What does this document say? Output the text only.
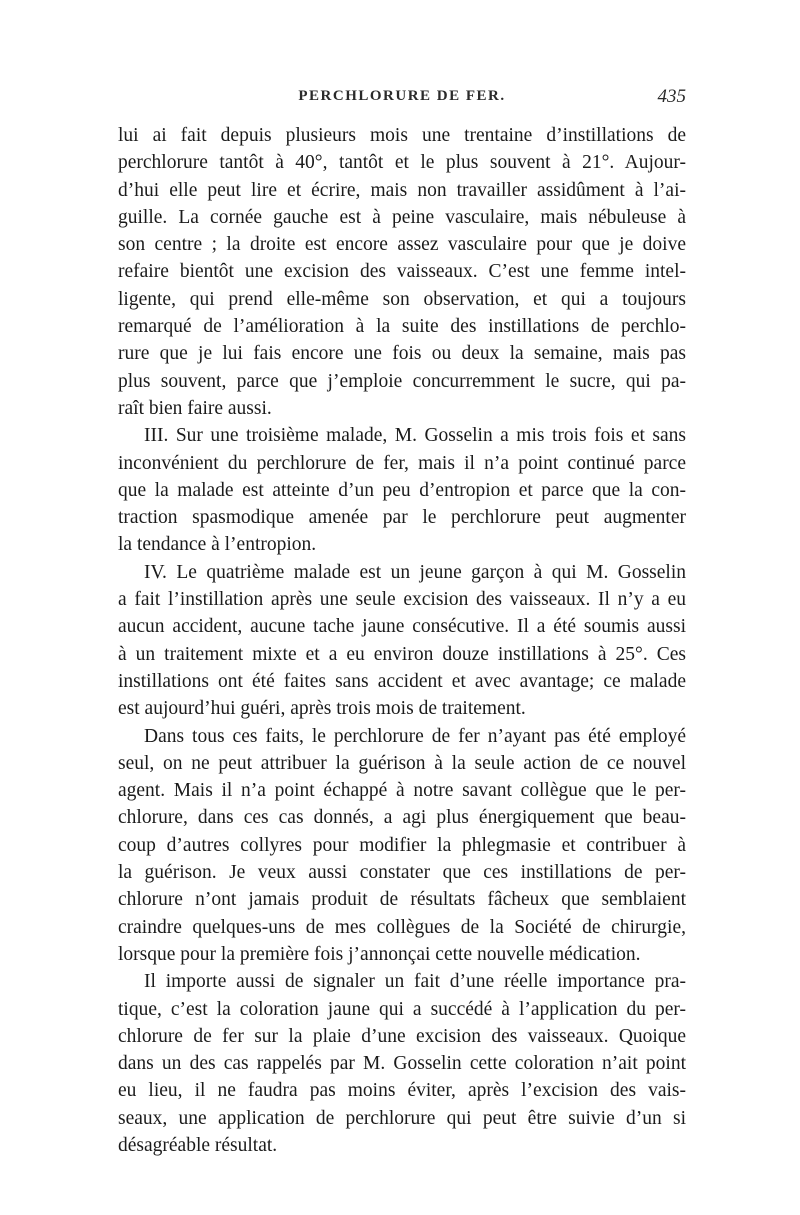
PERCHLORURE DE FER.	435
lui ai fait depuis plusieurs mois une trentaine d’instillations de
perchlorure tantôt à 40°, tantôt et le plus souvent à 21°. Aujour-
d’hui elle peut lire et écrire, mais non travailler assidûment à l’ai-
guille. La cornée gauche est à peine vasculaire, mais nébuleuse à
son centre ; la droite est encore assez vasculaire pour que je doive
refaire bientôt une excision des vaisseaux. C’est une femme intel-
ligente, qui prend elle-même son observation, et qui a toujours
remarqué de l’amélioration à la suite des instillations de perchlo-
rure que je lui fais encore une fois ou deux la semaine, mais pas
plus souvent, parce que j’emploie concurremment le sucre, qui pa-
raît bien faire aussi.
III. Sur une troisième malade, M. Gosselin a mis trois fois et sans
inconvénient du perchlorure de fer, mais il n’a point continué parce
que la malade est atteinte d’un peu d’entropion et parce que la con-
traction spasmodique amenée par le perchlorure peut augmenter
la tendance à l’entropion.
IV. Le quatrième malade est un jeune garçon à qui M. Gosselin
a fait l’instillation après une seule excision des vaisseaux. Il n’y a eu
aucun accident, aucune tache jaune consécutive. Il a été soumis aussi
à un traitement mixte et a eu environ douze instillations à 25°. Ces
instillations ont été faites sans accident et avec avantage; ce malade
est aujourd’hui guéri, après trois mois de traitement.
Dans tous ces faits, le perchlorure de fer n’ayant pas été employé
seul, on ne peut attribuer la guérison à la seule action de ce nouvel
agent. Mais il n’a point échappé à notre savant collègue que le per-
chlorure, dans ces cas donnés, a agi plus énergiquement que beau-
coup d’autres collyres pour modifier la phlegmasie et contribuer à
la guérison. Je veux aussi constater que ces instillations de per-
chlorure n’ont jamais produit de résultats fâcheux que semblaient
craindre quelques-uns de mes collègues de la Société de chirurgie,
lorsque pour la première fois j’annonçai cette nouvelle médication.
Il importe aussi de signaler un fait d’une réelle importance pra-
tique, c’est la coloration jaune qui a succédé à l’application du per-
chlorure de fer sur la plaie d’une excision des vaisseaux. Quoique
dans un des cas rappelés par M. Gosselin cette coloration n’ait point
eu lieu, il ne faudra pas moins éviter, après l’excision des vais-
seaux, une application de perchlorure qui peut être suivie d’un si
désagréable résultat.
